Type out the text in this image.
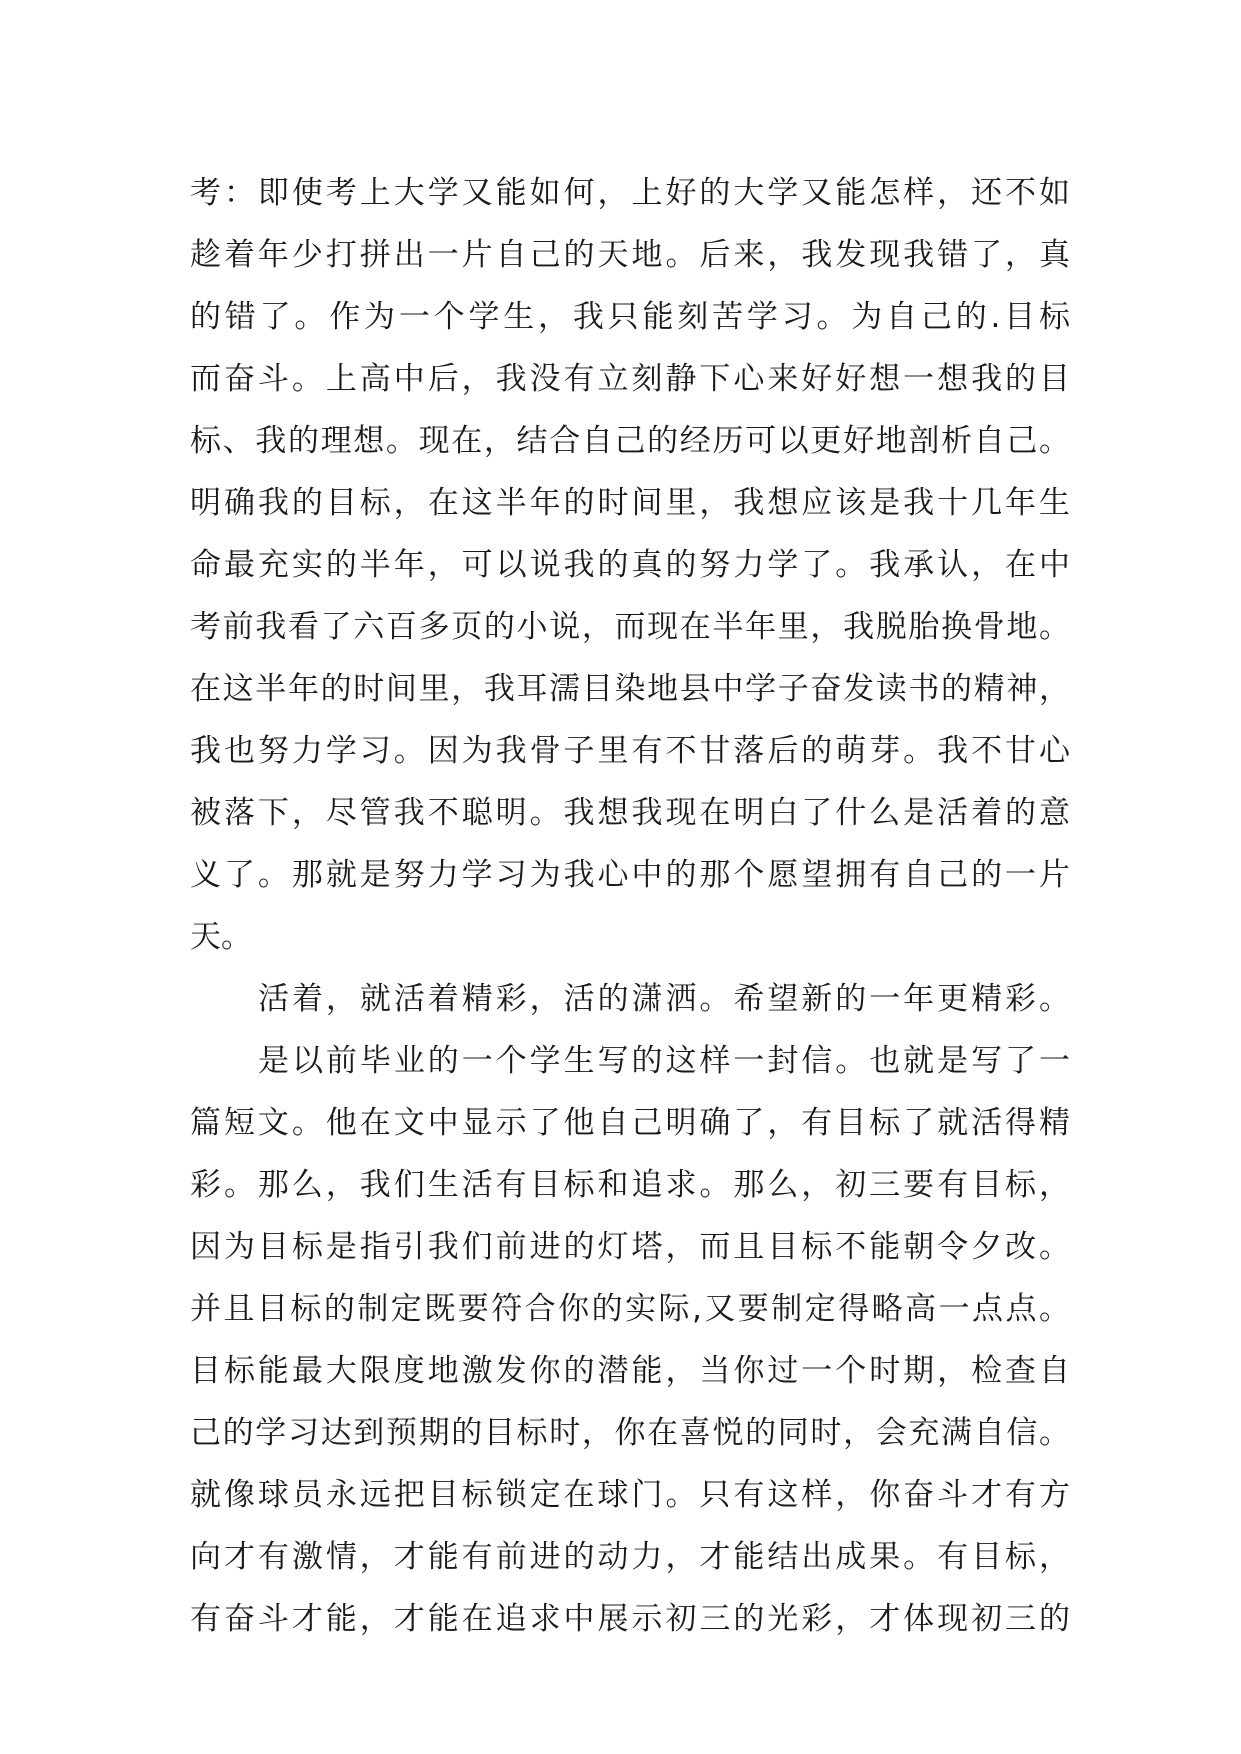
考：即使考上大学又能如何，上好的大学又能怎样，还不如
趁着年少打拼出一片自己的天地。后来，我发现我错了，真
的错了。作为一个学生，我只能刻苦学习。为自己的.目标
而奋斗。上高中后，我没有立刻静下心来好好想一想我的目
标、我的理想。现在，结合自己的经历可以更好地剖析自己。
明确我的目标，在这半年的时间里，我想应该是我十几年生
命最充实的半年，可以说我的真的努力学了。我承认，在中
考前我看了六百多页的小说，而现在半年里，我脱胎换骨地。
在这半年的时间里，我耳濡目染地县中学子奋发读书的精神，
我也努力学习。因为我骨子里有不甘落后的萌芽。我不甘心
被落下，尽管我不聪明。我想我现在明白了什么是活着的意
义了。那就是努力学习为我心中的那个愿望拥有自己的一片
天。
活着，就活着精彩，活的潇洒。希望新的一年更精彩。
是以前毕业的一个学生写的这样一封信。也就是写了一
篇短文。他在文中显示了他自己明确了，有目标了就活得精
彩。那么，我们生活有目标和追求。那么，初三要有目标，
因为目标是指引我们前进的灯塔，而且目标不能朝令夕改。
并且目标的制定既要符合你的实际,又要制定得略高一点点。
目标能最大限度地激发你的潜能，当你过一个时期，检查自
己的学习达到预期的目标时，你在喜悦的同时，会充满自信。
就像球员永远把目标锁定在球门。只有这样，你奋斗才有方
向才有激情，才能有前进的动力，才能结出成果。有目标，
有奋斗才能，才能在追求中展示初三的光彩，才体现初三的
